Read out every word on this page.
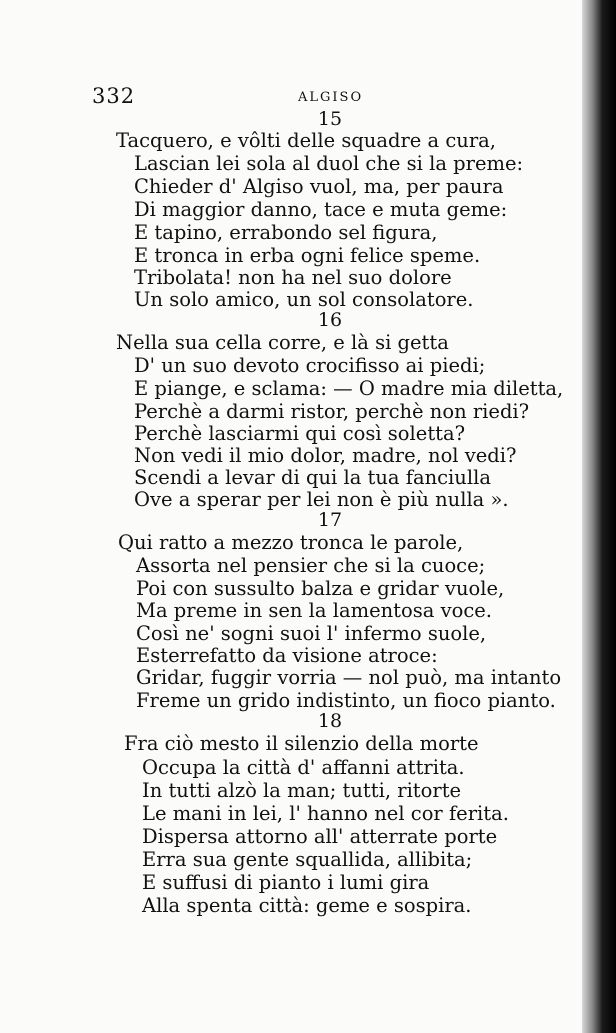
332	ALGISO
15
Tacquero, e vôlti delle squadre a cura,
Lascian lei sola al duol che si la preme:
Chieder d' Algiso vuol, ma, per paura
Di maggior danno, tace e muta geme:
E tapino, errabondo sel figura,
E tronca in erba ogni felice speme.
Tribolata! non ha nel suo dolore
Un solo amico, un sol consolatore.
16
Nella sua cella corre, e là si getta
D' un suo devoto crocifisso ai piedi;
E piange, e sclama: — O madre mia diletta,
Perchè a darmi ristor, perchè non riedi?
Perchè lasciarmi qui così soletta?
Non vedi il mio dolor, madre, nol vedi?
Scendi a levar di qui la tua fanciulla
Ove a sperar per lei non è più nulla ».
17
Qui ratto a mezzo tronca le parole,
Assorta nel pensier che si la cuoce;
Poi con sussulto balza e gridar vuole,
Ma preme in sen la lamentosa voce.
Così ne' sogni suoi l' infermo suole,
Esterrefatto da visione atroce:
Gridar, fuggir vorria — nol può, ma intanto
Freme un grido indistinto, un fioco pianto.
18
Fra ciò mesto il silenzio della morte
Occupa la città d' affanni attrita.
In tutti alzò la man; tutti, ritorte
Le mani in lei, l' hanno nel cor ferita.
Dispersa attorno all' atterrate porte
Erra sua gente squallida, allibita;
E suffusi di pianto i lumi gira
Alla spenta città: geme e sospira.
